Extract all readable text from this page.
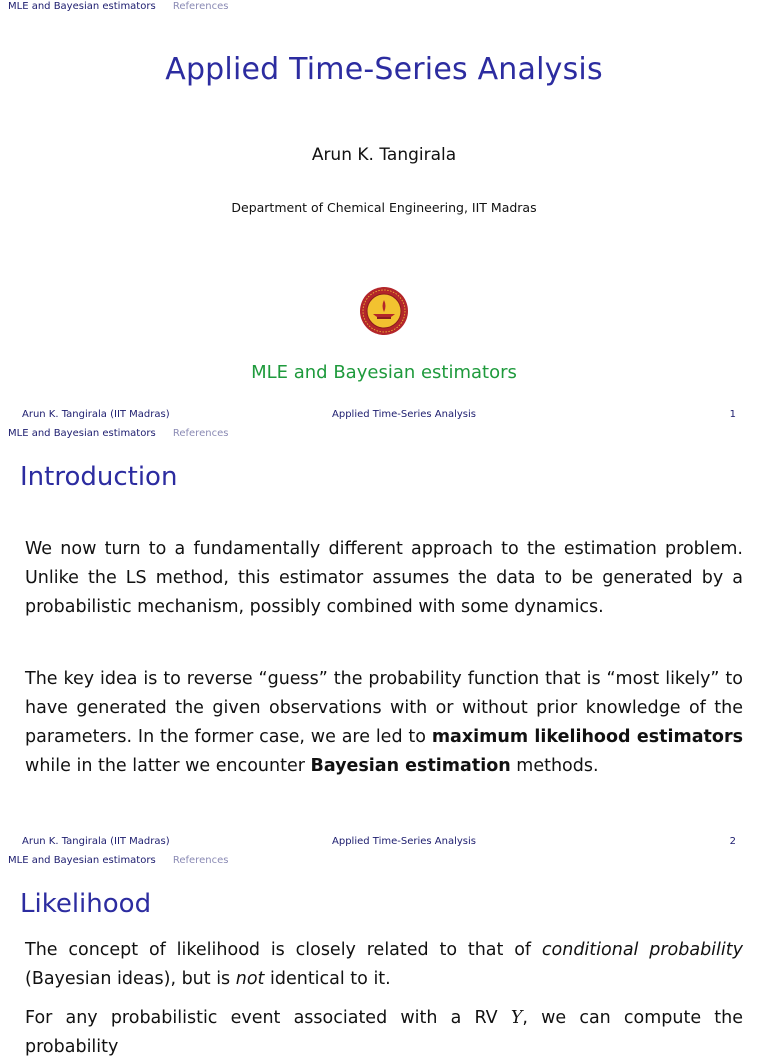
MLE and Bayesian estimators References
Applied Time-Series Analysis
Arun K. Tangirala
Department of Chemical Engineering, IIT Madras
MLE and Bayesian estimators
Arun K. Tangirala (IIT Madras)	Applied Time-Series Analysis	1
MLE and Bayesian estimators References
Introduction

We now turn to a fundamentally different approach to the estimation problem. Unlike the LS method, this estimator assumes the data to be generated by a probabilistic mechanism, possibly combined with some dynamics.

The key idea is to reverse “guess” the probability function that is “most likely” to have generated the given observations with or without prior knowledge of the parameters. In the former case, we are led to maximum likelihood estimators while in the latter we encounter Bayesian estimation methods.

Arun K. Tangirala (IIT Madras)	Applied Time-Series Analysis	2
MLE and Bayesian estimators References
Likelihood

The concept of likelihood is closely related to that of conditional probability (Bayesian ideas), but is not identical to it.

For any probabilistic event associated with a RV Y, we can compute the probability
